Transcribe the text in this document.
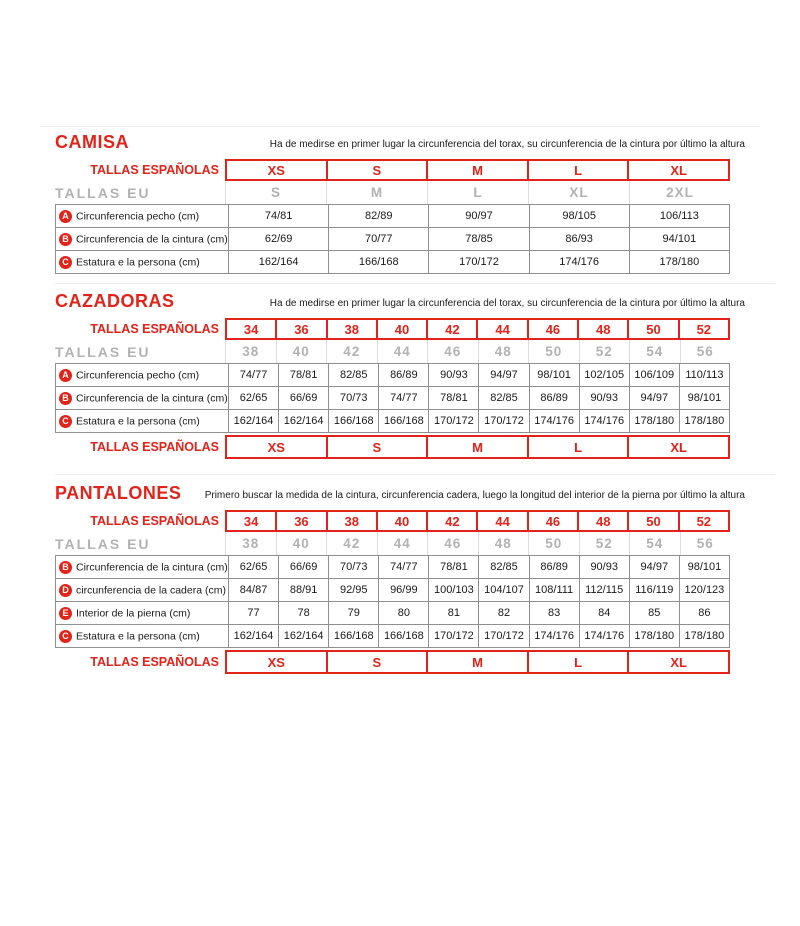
CAMISA	Ha de medirse en primer lugar la circunferencia del torax, su circunferencia de la cintura por último la altura

TALLAS ESPAÑOLAS	XS	S	M	L	XL
TALLAS EU	S	M	L	XL	2XL
A Circunferencia pecho (cm)	74/81	82/89	90/97	98/105	106/113
B Circunferencia de la cintura (cm)	62/69	70/77	78/85	86/93	94/101
C Estatura e la persona (cm)	162/164	166/168	170/172	174/176	178/180
CAZADORAS	Ha de medirse en primer lugar la circunferencia del torax, su circunferencia de la cintura por último la altura

TALLAS ESPAÑOLAS	34	36	38	40	42	44	46	48	50	52
TALLAS EU	38	40	42	44	46	48	50	52	54	56
A Circunferencia pecho (cm)	74/77	78/81	82/85	86/89	90/93	94/97	98/101	102/105	106/109	110/113
B Circunferencia de la cintura (cm)	62/65	66/69	70/73	74/77	78/81	82/85	86/89	90/93	94/97	98/101
C Estatura e la persona (cm)	162/164	162/164	166/168	166/168	170/172	170/172	174/176	174/176	178/180	178/180
TALLAS ESPAÑOLAS	XS	S	M	L	XL
PANTALONES	Primero buscar la medida de la cintura, circunferencia cadera, luego la longitud del interior de la pierna por último la altura

TALLAS ESPAÑOLAS	34	36	38	40	42	44	46	48	50	52
TALLAS EU	38	40	42	44	46	48	50	52	54	56
B Circunferencia de la cintura (cm)	62/65	66/69	70/73	74/77	78/81	82/85	86/89	90/93	94/97	98/101
D circunferencia de la cadera (cm)	84/87	88/91	92/95	96/99	100/103	104/107	108/111	112/115	116/119	120/123
E Interior de la pierna (cm)	77	78	79	80	81	82	83	84	85	86
C Estatura e la persona (cm)	162/164	162/164	166/168	166/168	170/172	170/172	174/176	174/176	178/180	178/180
TALLAS ESPAÑOLAS	XS	S	M	L	XL
